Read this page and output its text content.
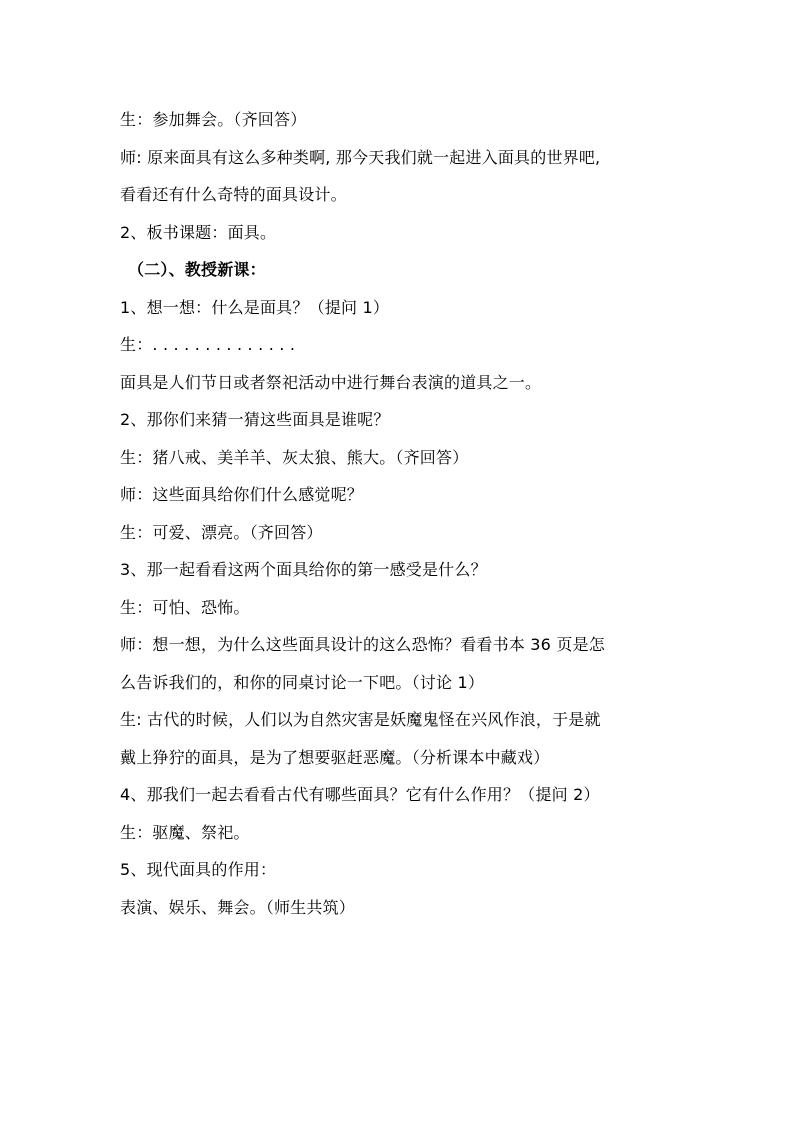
生：参加舞会。（齐回答）
师: 原来面具有这么多种类啊, 那今天我们就一起进入面具的世界吧,
看看还有什么奇特的面具设计。
2、板书课题：面具。
（二）、教授新课：
1、想一想：什么是面具？（提问 1）
生：. . . . . . . . . . . . . .
面具是人们节日或者祭祀活动中进行舞台表演的道具之一。
2、那你们来猜一猜这些面具是谁呢？
生：猪八戒、美羊羊、灰太狼、熊大。（齐回答）
师：这些面具给你们什么感觉呢？
生：可爱、漂亮。（齐回答）
3、那一起看看这两个面具给你的第一感受是什么？
生：可怕、恐怖。
师：想一想，为什么这些面具设计的这么恐怖？看看书本 36 页是怎
么告诉我们的，和你的同桌讨论一下吧。（讨论 1）
生: 古代的时候，人们以为自然灾害是妖魔鬼怪在兴风作浪，于是就
戴上狰狞的面具，是为了想要驱赶恶魔。（分析课本中藏戏）
4、那我们一起去看看古代有哪些面具？它有什么作用？（提问 2）
生：驱魔、祭祀。
5、现代面具的作用：
表演、娱乐、舞会。（师生共筑）
